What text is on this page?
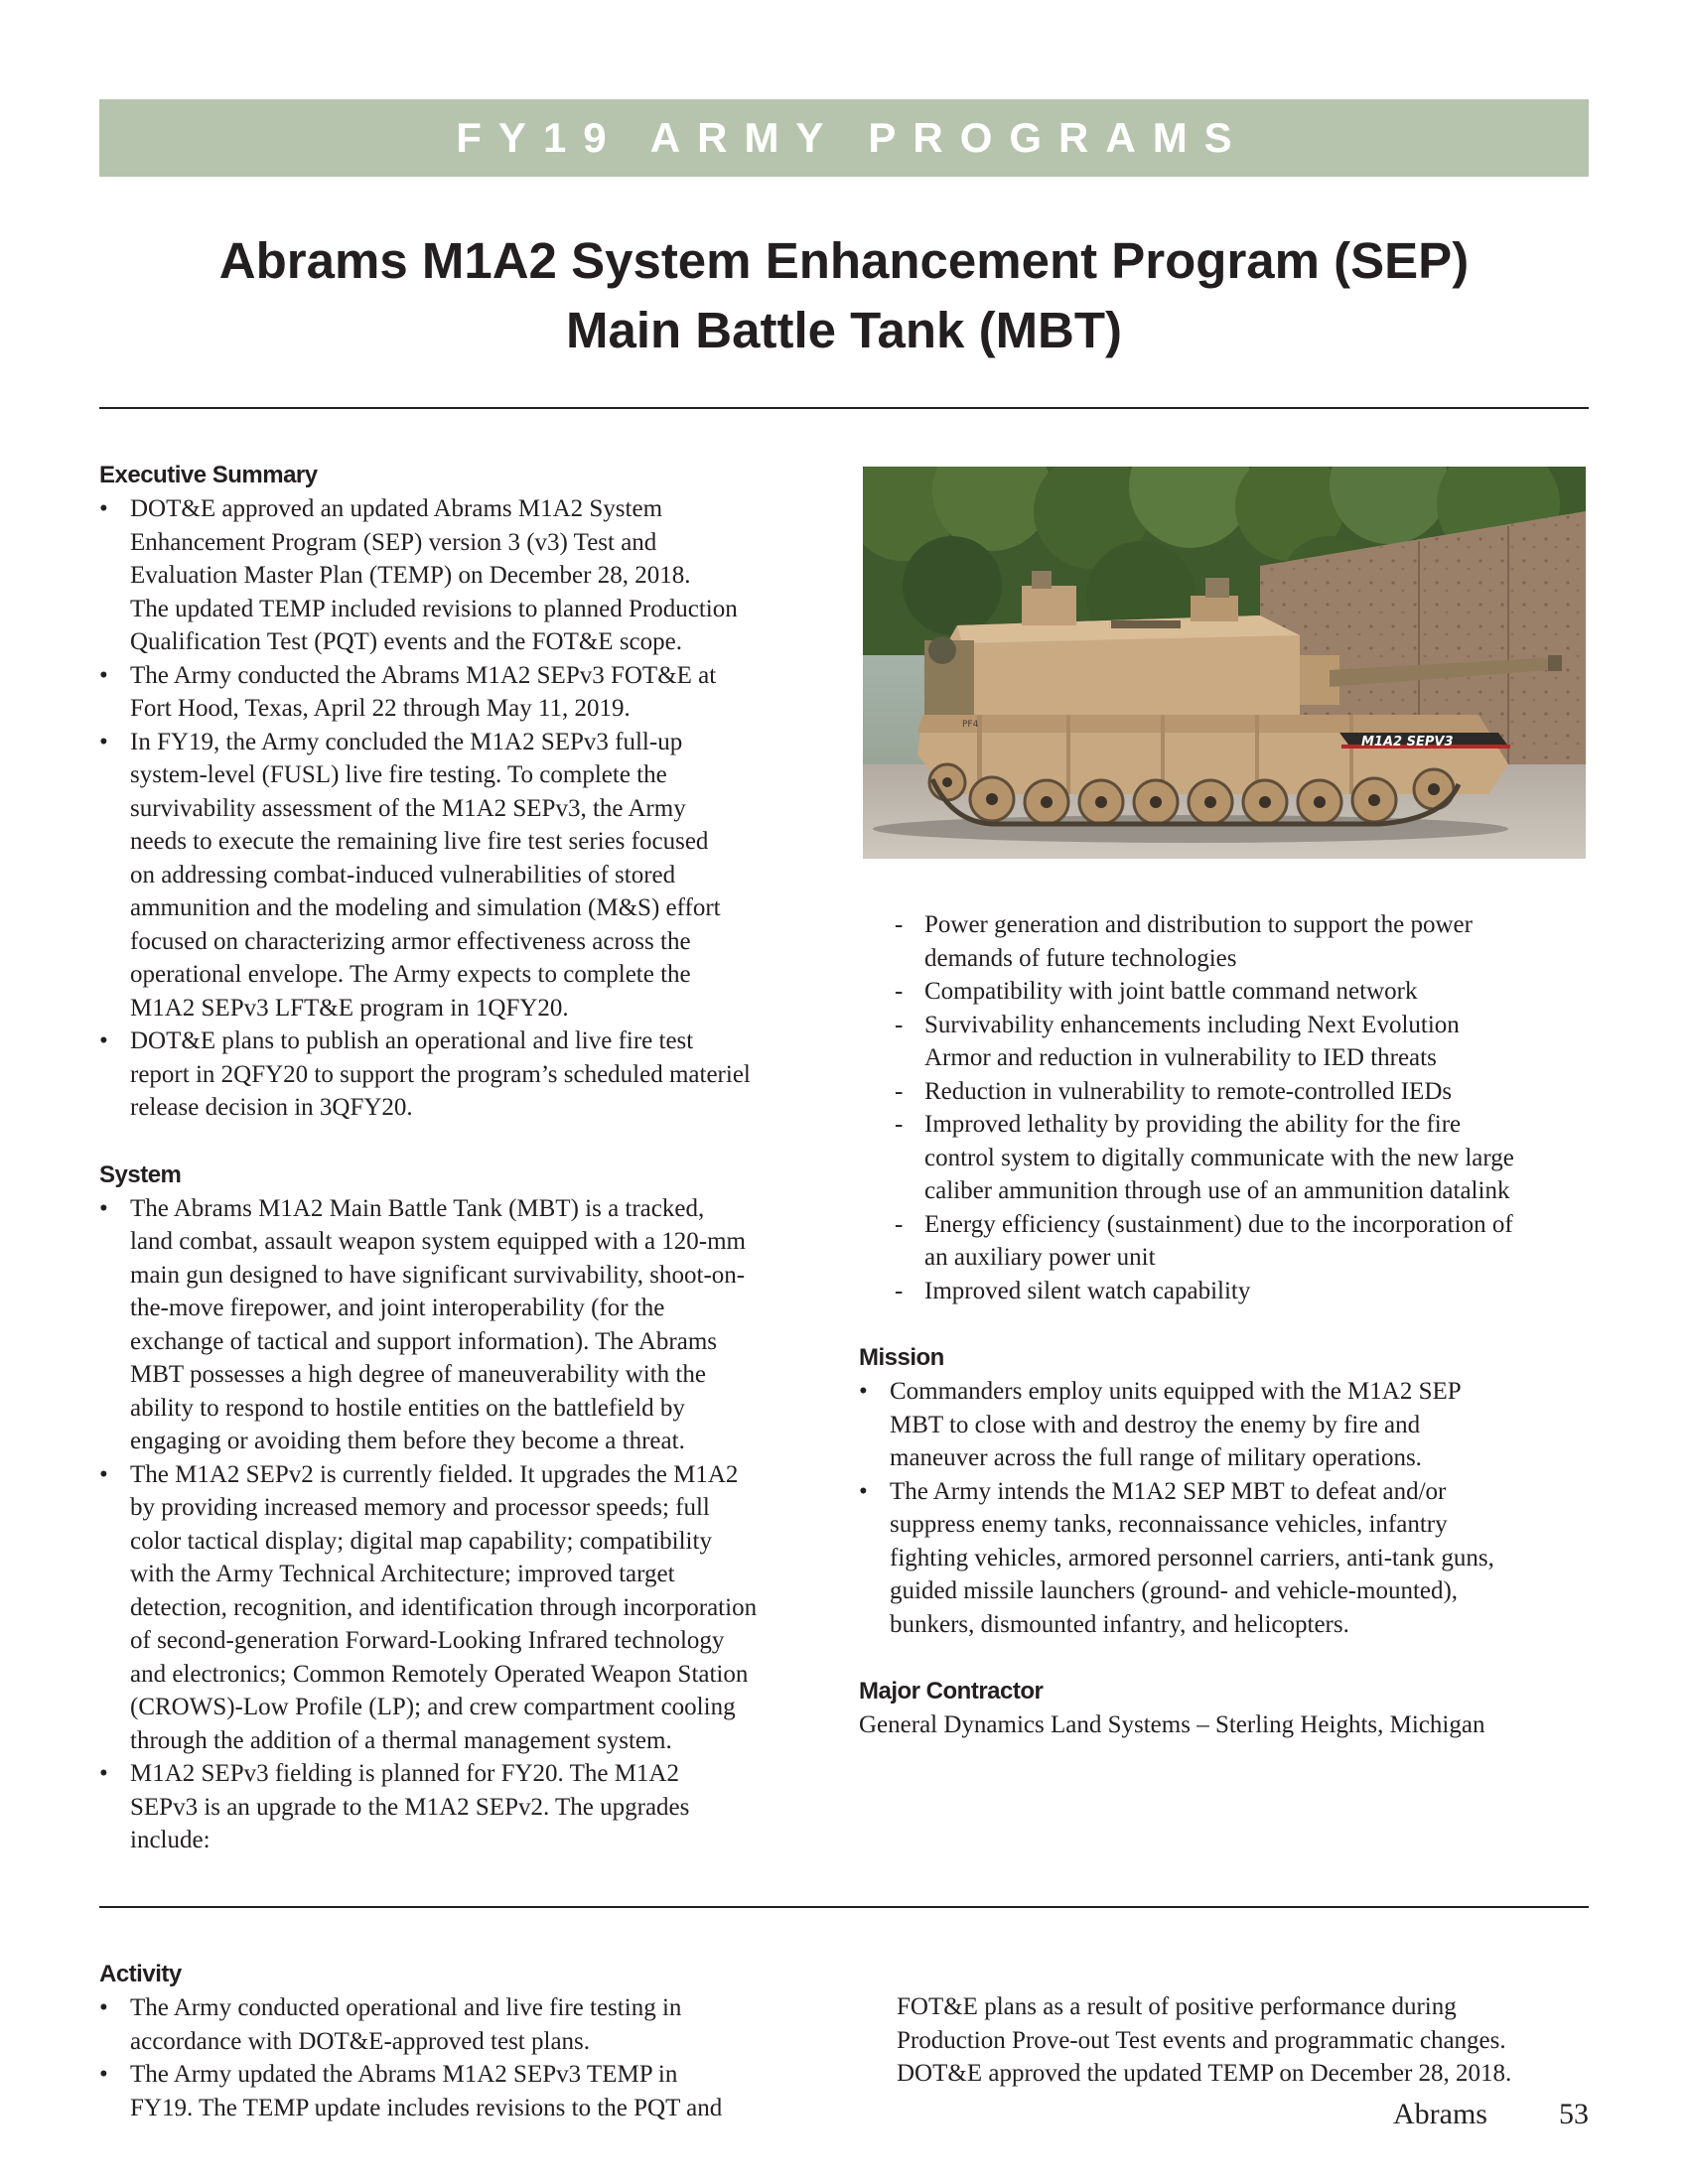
FY19 ARMY PROGRAMS
Abrams M1A2 System Enhancement Program (SEP)
Main Battle Tank (MBT)
Executive Summary
• DOT&E approved an updated Abrams M1A2 System
Enhancement Program (SEP) version 3 (v3) Test and
Evaluation Master Plan (TEMP) on December 28, 2018.
The updated TEMP included revisions to planned Production
Qualification Test (PQT) events and the FOT&E scope.
• The Army conducted the Abrams M1A2 SEPv3 FOT&E at
Fort Hood, Texas, April 22 through May 11, 2019.
• In FY19, the Army concluded the M1A2 SEPv3 full-up
system-level (FUSL) live fire testing. To complete the
survivability assessment of the M1A2 SEPv3, the Army
needs to execute the remaining live fire test series focused
on addressing combat-induced vulnerabilities of stored
ammunition and the modeling and simulation (M&S) effort
focused on characterizing armor effectiveness across the
operational envelope. The Army expects to complete the
M1A2 SEPv3 LFT&E program in 1QFY20.
• DOT&E plans to publish an operational and live fire test
report in 2QFY20 to support the program’s scheduled materiel
release decision in 3QFY20.
System
• The Abrams M1A2 Main Battle Tank (MBT) is a tracked,
land combat, assault weapon system equipped with a 120-mm
main gun designed to have significant survivability, shoot-on-
the-move firepower, and joint interoperability (for the
exchange of tactical and support information). The Abrams
MBT possesses a high degree of maneuverability with the
ability to respond to hostile entities on the battlefield by
engaging or avoiding them before they become a threat.
• The M1A2 SEPv2 is currently fielded. It upgrades the M1A2
by providing increased memory and processor speeds; full
color tactical display; digital map capability; compatibility
with the Army Technical Architecture; improved target
detection, recognition, and identification through incorporation
of second-generation Forward-Looking Infrared technology
and electronics; Common Remotely Operated Weapon Station
(CROWS)-Low Profile (LP); and crew compartment cooling
through the addition of a thermal management system.
• M1A2 SEPv3 fielding is planned for FY20. The M1A2
SEPv3 is an upgrade to the M1A2 SEPv2. The upgrades
include:
M1A2 SEPV3
PF4
- Power generation and distribution to support the power
demands of future technologies
- Compatibility with joint battle command network
- Survivability enhancements including Next Evolution
Armor and reduction in vulnerability to IED threats
- Reduction in vulnerability to remote-controlled IEDs
- Improved lethality by providing the ability for the fire
control system to digitally communicate with the new large
caliber ammunition through use of an ammunition datalink
- Energy efficiency (sustainment) due to the incorporation of
an auxiliary power unit
- Improved silent watch capability
Mission
• Commanders employ units equipped with the M1A2 SEP
MBT to close with and destroy the enemy by fire and
maneuver across the full range of military operations.
• The Army intends the M1A2 SEP MBT to defeat and/or
suppress enemy tanks, reconnaissance vehicles, infantry
fighting vehicles, armored personnel carriers, anti-tank guns,
guided missile launchers (ground- and vehicle-mounted),
bunkers, dismounted infantry, and helicopters.
Major Contractor
General Dynamics Land Systems – Sterling Heights, Michigan
Activity
• The Army conducted operational and live fire testing in
accordance with DOT&E-approved test plans.
• The Army updated the Abrams M1A2 SEPv3 TEMP in
FY19. The TEMP update includes revisions to the PQT and
FOT&E plans as a result of positive performance during
Production Prove-out Test events and programmatic changes.
DOT&E approved the updated TEMP on December 28, 2018.
Abrams 53
